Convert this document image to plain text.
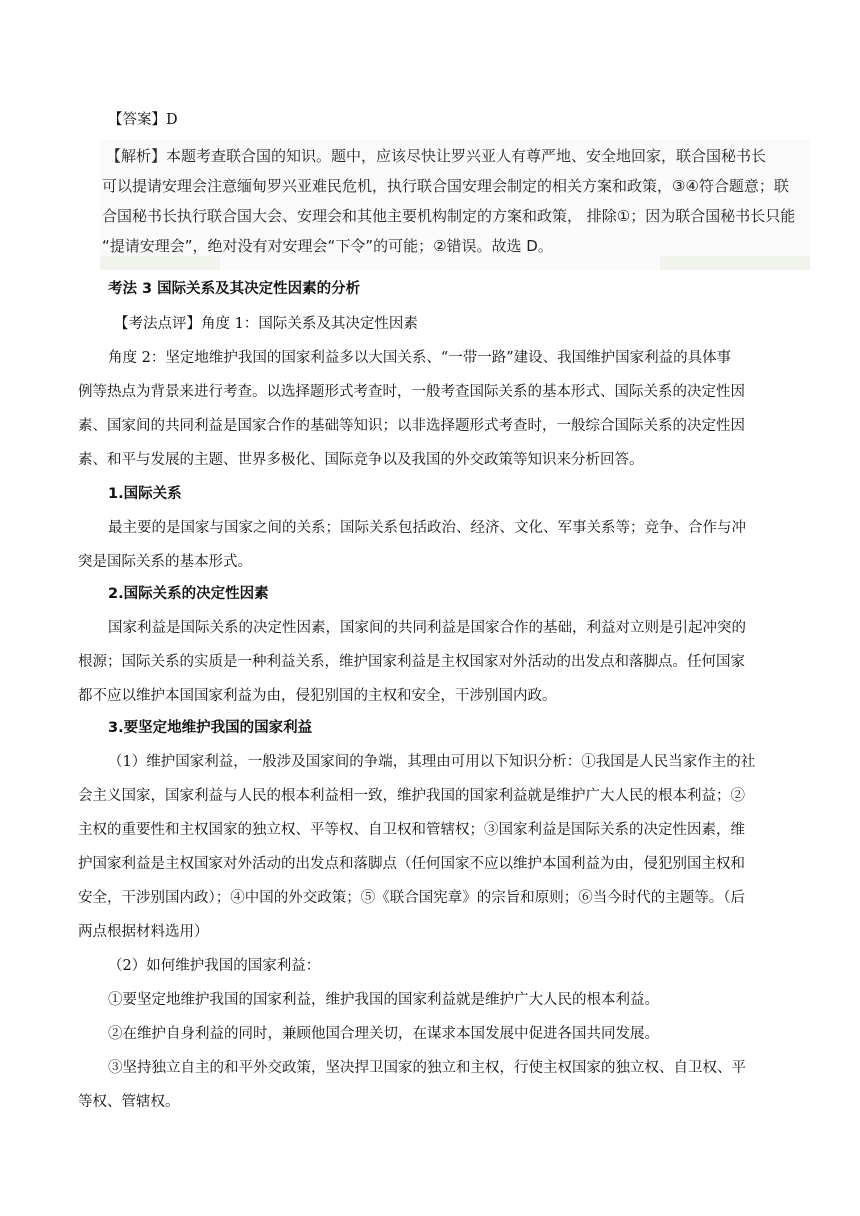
【答案】D
【解析】本题考查联合国的知识。题中，应该尽快让罗兴亚人有尊严地、安全地回家，联合国秘书长
可以提请安理会注意缅甸罗兴亚难民危机，执行联合国安理会制定的相关方案和政策，③④符合题意；联
合国秘书长执行联合国大会、安理会和其他主要机构制定的方案和政策， 排除①；因为联合国秘书长只能
“提请安理会”，绝对没有对安理会“下令”的可能；②错误。故选 D。
考法 3 国际关系及其决定性因素的分析
【考法点评】角度 1：国际关系及其决定性因素
角度 2：坚定地维护我国的国家利益多以大国关系、“一带一路”建设、我国维护国家利益的具体事
例等热点为背景来进行考查。以选择题形式考查时，一般考查国际关系的基本形式、国际关系的决定性因
素、国家间的共同利益是国家合作的基础等知识；以非选择题形式考查时，一般综合国际关系的决定性因
素、和平与发展的主题、世界多极化、国际竞争以及我国的外交政策等知识来分析回答。
1.国际关系
最主要的是国家与国家之间的关系；国际关系包括政治、经济、文化、军事关系等；竞争、合作与冲
突是国际关系的基本形式。
2.国际关系的决定性因素
国家利益是国际关系的决定性因素，国家间的共同利益是国家合作的基础，利益对立则是引起冲突的
根源；国际关系的实质是一种利益关系，维护国家利益是主权国家对外活动的出发点和落脚点。任何国家
都不应以维护本国国家利益为由，侵犯别国的主权和安全，干涉别国内政。
3.要坚定地维护我国的国家利益
（1）维护国家利益，一般涉及国家间的争端，其理由可用以下知识分析：①我国是人民当家作主的社
会主义国家，国家利益与人民的根本利益相一致，维护我国的国家利益就是维护广大人民的根本利益；②
主权的重要性和主权国家的独立权、平等权、自卫权和管辖权；③国家利益是国际关系的决定性因素，维
护国家利益是主权国家对外活动的出发点和落脚点（任何国家不应以维护本国利益为由，侵犯别国主权和
安全，干涉别国内政）；④中国的外交政策；⑤《联合国宪章》的宗旨和原则；⑥当今时代的主题等。（后
两点根据材料选用）
（2）如何维护我国的国家利益：
①要坚定地维护我国的国家利益，维护我国的国家利益就是维护广大人民的根本利益。
②在维护自身利益的同时，兼顾他国合理关切，在谋求本国发展中促进各国共同发展。
③坚持独立自主的和平外交政策，坚决捍卫国家的独立和主权，行使主权国家的独立权、自卫权、平
等权、管辖权。
